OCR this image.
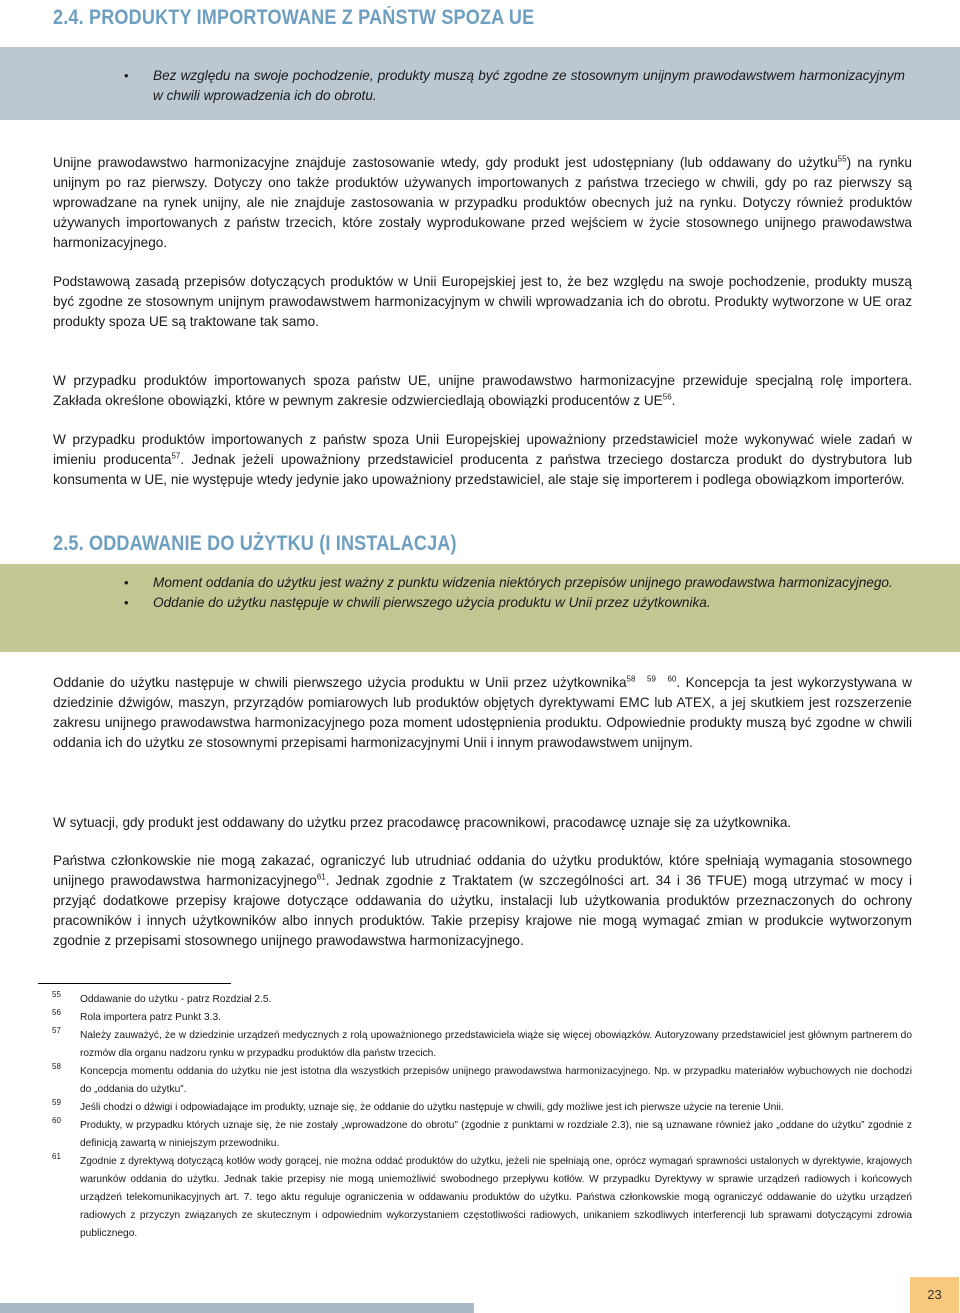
2.4. PRODUKTY IMPORTOWANE Z PAŃSTW SPOZA UE
• Bez względu na swoje pochodzenie, produkty muszą być zgodne ze stosownym unijnym prawodawstwem harmonizacyjnym w chwili wprowadzenia ich do obrotu.

Unijne prawodawstwo harmonizacyjne znajduje zastosowanie wtedy, gdy produkt jest udostępniany (lub oddawany do użytku$^{55}$) na rynku unijnym po raz pierwszy. Dotyczy ono także produktów używanych importowanych z państwa trzeciego w chwili, gdy po raz pierwszy są wprowadzane na rynek unijny, ale nie znajduje zastosowania w przypadku produktów obecnych już na rynku. Dotyczy również produktów używanych importowanych z państw trzecich, które zostały wyprodukowane przed wejściem w życie stosownego unijnego prawodawstwa harmonizacyjnego.

Podstawową zasadą przepisów dotyczących produktów w Unii Europejskiej jest to, że bez względu na swoje pochodzenie, produkty muszą być zgodne ze stosownym unijnym prawodawstwem harmonizacyjnym w chwili wprowadzania ich do obrotu. Produkty wytworzone w UE oraz produkty spoza UE są traktowane tak samo.

W przypadku produktów importowanych spoza państw UE, unijne prawodawstwo harmonizacyjne przewiduje specjalną rolę importera. Zakłada określone obowiązki, które w pewnym zakresie odzwierciedlają obowiązki producentów z UE$^{56}$.

W przypadku produktów importowanych z państw spoza Unii Europejskiej upoważniony przedstawiciel może wykonywać wiele zadań w imieniu producenta$^{57}$. Jednak jeżeli upoważniony przedstawiciel producenta z państwa trzeciego dostarcza produkt do dystrybutora lub konsumenta w UE, nie występuje wtedy jedynie jako upoważniony przedstawiciel, ale staje się importerem i podlega obowiązkom importerów.

2.5. ODDAWANIE DO UŻYTKU (I INSTALACJA)
• Moment oddania do użytku jest ważny z punktu widzenia niektórych przepisów unijnego prawodawstwa harmonizacyjnego.
• Oddanie do użytku następuje w chwili pierwszego użycia produktu w Unii przez użytkownika.

Oddanie do użytku następuje w chwili pierwszego użycia produktu w Unii przez użytkownika$^{58 59 60}$. Koncepcja ta jest wykorzystywana w dziedzinie dźwigów, maszyn, przyrządów pomiarowych lub produktów objętych dyrektywami EMC lub ATEX, a jej skutkiem jest rozszerzenie zakresu unijnego prawodawstwa harmonizacyjnego poza moment udostępnienia produktu. Odpowiednie produkty muszą być zgodne w chwili oddania ich do użytku ze stosownymi przepisami harmonizacyjnymi Unii i innym prawodawstwem unijnym.

W sytuacji, gdy produkt jest oddawany do użytku przez pracodawcę pracownikowi, pracodawcę uznaje się za użytkownika.

Państwa członkowskie nie mogą zakazać, ograniczyć lub utrudniać oddania do użytku produktów, które spełniają wymagania stosownego unijnego prawodawstwa harmonizacyjnego$^{61}$. Jednak zgodnie z Traktatem (w szczególności art. 34 i 36 TFUE) mogą utrzymać w mocy i przyjąć dodatkowe przepisy krajowe dotyczące oddawania do użytku, instalacji lub użytkowania produktów przeznaczonych do ochrony pracowników i innych użytkowników albo innych produktów. Takie przepisy krajowe nie mogą wymagać zmian w produkcie wytworzonym zgodnie z przepisami stosownego unijnego prawodawstwa harmonizacyjnego.

55	Oddawanie do użytku - patrz Rozdział 2.5.
56	Rola importera patrz Punkt 3.3.
57	Należy zauważyć, że w dziedzinie urządzeń medycznych z rolą upoważnionego przedstawiciela wiąże się więcej obowiązków. Autoryzowany przedstawiciel jest głównym partnerem do rozmów dla organu nadzoru rynku w przypadku produktów dla państw trzecich.
58	Koncepcja momentu oddania do użytku nie jest istotna dla wszystkich przepisów unijnego prawodawstwa harmonizacyjnego. Np. w przypadku materiałów wybuchowych nie dochodzi do „oddania do użytku”.
59	Jeśli chodzi o dźwigi i odpowiadające im produkty, uznaje się, że oddanie do użytku następuje w chwili, gdy możliwe jest ich pierwsze użycie na terenie Unii.
60	Produkty, w przypadku których uznaje się, że nie zostały „wprowadzone do obrotu” (zgodnie z punktami w rozdziale 2.3), nie są uznawane również jako „oddane do użytku” zgodnie z definicją zawartą w niniejszym przewodniku.
61	Zgodnie z dyrektywą dotyczącą kotłów wody gorącej, nie można oddać produktów do użytku, jeżeli nie spełniają one, oprócz wymagań sprawności ustalonych w dyrektywie, krajowych warunków oddania do użytku. Jednak takie przepisy nie mogą uniemożliwić swobodnego przepływu kotłów. W przypadku Dyrektywy w sprawie urządzeń radiowych i końcowych urządzeń telekomunikacyjnych art. 7. tego aktu reguluje ograniczenia w oddawaniu produktów do użytku. Państwa członkowskie mogą ograniczyć oddawanie do użytku urządzeń radiowych z przyczyn związanych ze skutecznym i odpowiednim wykorzystaniem częstotliwości radiowych, unikaniem szkodliwych interferencji lub sprawami dotyczącymi zdrowia publicznego.
23
